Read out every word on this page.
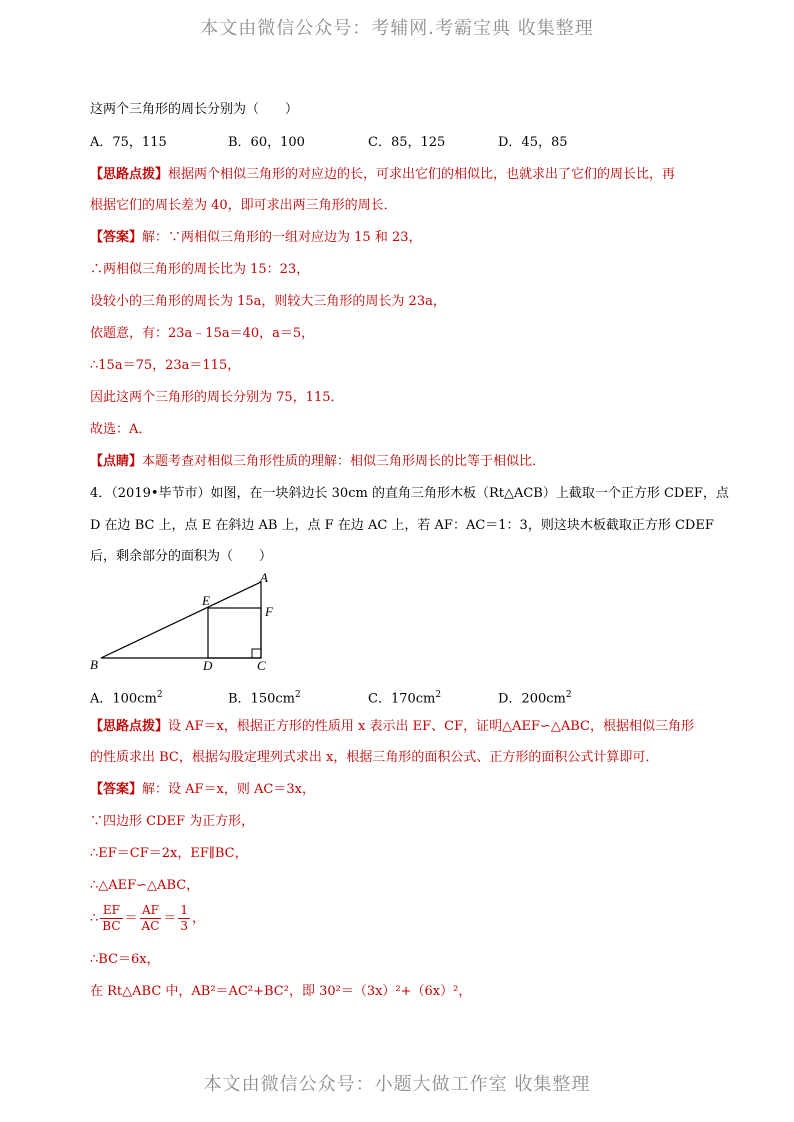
本文由微信公众号：考辅网.考霸宝典 收集整理
这两个三角形的周长分别为（　　）
A．75，115	B．60，100	C．85，125	D．45，85
【思路点拨】根据两个相似三角形的对应边的长，可求出它们的相似比，也就求出了它们的周长比，再
根据它们的周长差为 40，即可求出两三角形的周长．
【答案】解：∵两相似三角形的一组对应边为 15 和 23，
∴两相似三角形的周长比为 15：23，
设较小的三角形的周长为 15a，则较大三角形的周长为 23a，
依题意，有：23a﹣15a＝40，a＝5，
∴15a＝75，23a＝115，
因此这两个三角形的周长分别为 75，115．
故选：A．
【点睛】本题考查对相似三角形性质的理解：相似三角形周长的比等于相似比．
4．（2019•毕节市）如图，在一块斜边长 30cm 的直角三角形木板（Rt△ACB）上截取一个正方形 CDEF，点
D 在边 BC 上，点 E 在斜边 AB 上，点 F 在边 AC 上，若 AF：AC＝1：3，则这块木板截取正方形 CDEF
后，剩余部分的面积为（　　）
A
E
F
B	D	C
A．$100cm^2$	B．$150cm^2$	C．$170cm^2$	D．$200cm^2$
【思路点拨】设 AF＝x，根据正方形的性质用 x 表示出 EF、CF，证明△AEF∽△ABC，根据相似三角形
的性质求出 BC，根据勾股定理列式求出 x，根据三角形的面积公式、正方形的面积公式计算即可．
【答案】解：设 AF＝x，则 AC＝3x，
∵四边形 CDEF 为正方形，
∴EF＝CF＝2x，EF∥BC，
∴△AEF∽△ABC，
∴ $\frac{EF}{BC} = \frac{AF}{AC} = \frac{1}{3}$ ，
∴BC＝6x，
在 Rt△ABC 中，AB²＝AC²+BC²，即 30²＝（3x）²+（6x）²，
本文由微信公众号：小题大做工作室 收集整理
